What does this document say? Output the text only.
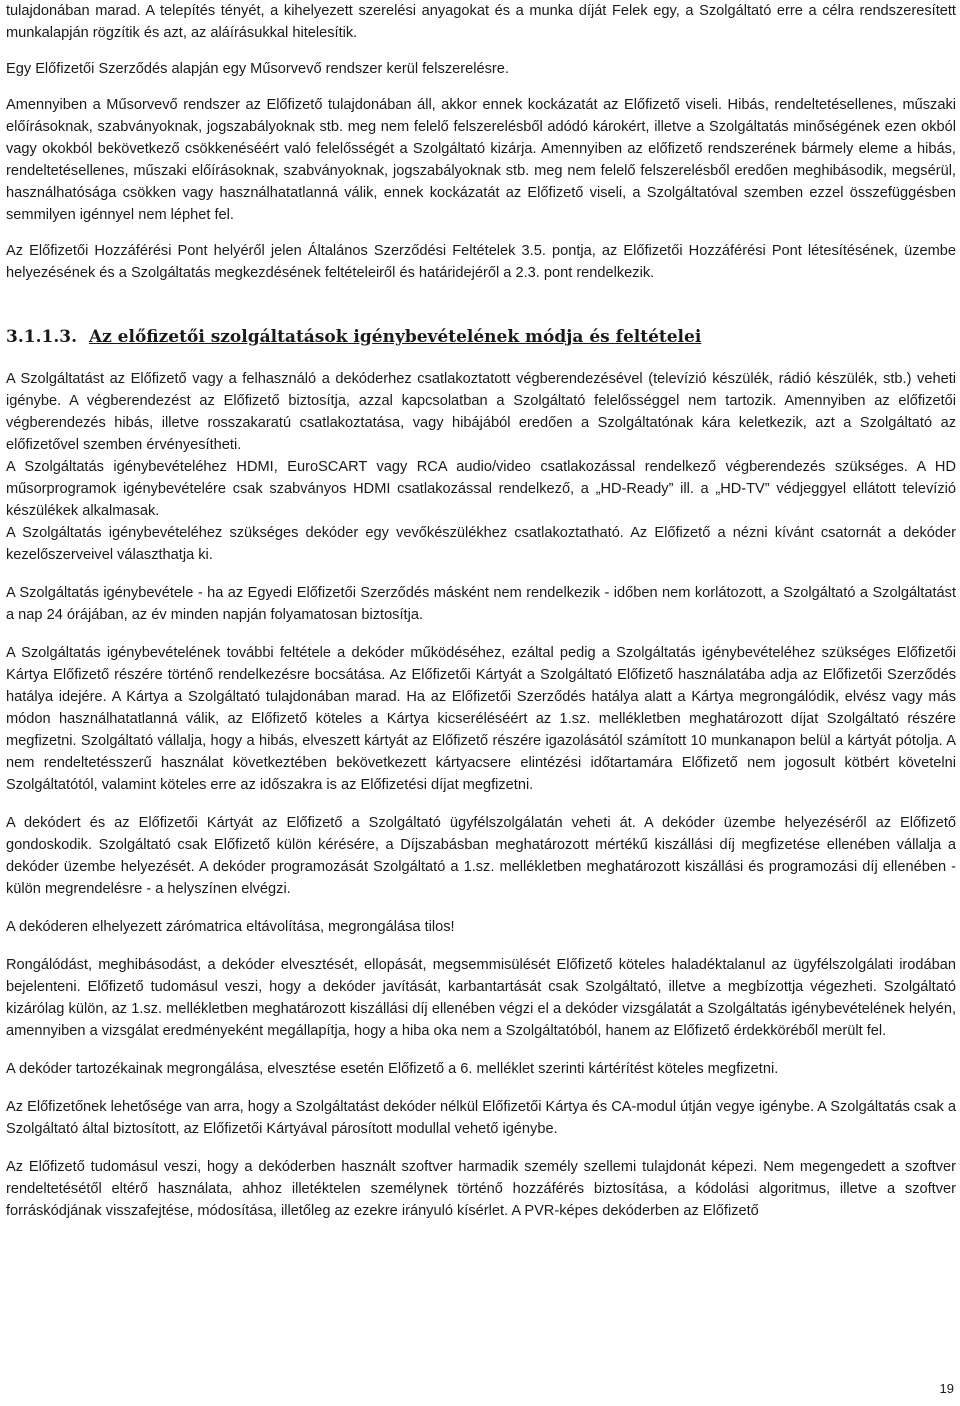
tulajdonában marad. A telepítés tényét, a kihelyezett szerelési anyagokat és a munka díját Felek egy, a Szolgáltató erre a célra rendszeresített munkalapján rögzítik és azt, az aláírásukkal hitelesítik.

Egy Előfizetői Szerződés alapján egy Műsorvevő rendszer kerül felszerelésre.

Amennyiben a Műsorvevő rendszer az Előfizető tulajdonában áll, akkor ennek kockázatát az Előfizető viseli. Hibás, rendeltetésellenes, műszaki előírásoknak, szabványoknak, jogszabályoknak stb. meg nem felelő felszerelésből adódó károkért, illetve a Szolgáltatás minőségének ezen okból vagy okokból bekövetkező csökkenéséért való felelősségét a Szolgáltató kizárja. Amennyiben az előfizető rendszerének bármely eleme a hibás, rendeltetésellenes, műszaki előírásoknak, szabványoknak, jogszabályoknak stb. meg nem felelő felszerelésből eredően meghibásodik, megsérül, használhatósága csökken vagy használhatatlanná válik, ennek kockázatát az Előfizető viseli, a Szolgáltatóval szemben ezzel összefüggésben semmilyen igénnyel nem léphet fel.

Az Előfizetői Hozzáférési Pont helyéről jelen Általános Szerződési Feltételek 3.5. pontja, az Előfizetői Hozzáférési Pont létesítésének, üzembe helyezésének és a Szolgáltatás megkezdésének feltételeiről és határidejéről a 2.3. pont rendelkezik.

3.1.1.3. Az előfizetői szolgáltatások igénybevételének módja és feltételei

A Szolgáltatást az Előfizető vagy a felhasználó a dekóderhez csatlakoztatott végberendezésével (televízió készülék, rádió készülék, stb.) veheti igénybe. A végberendezést az Előfizető biztosítja, azzal kapcsolatban a Szolgáltató felelősséggel nem tartozik. Amennyiben az előfizetői végberendezés hibás, illetve rosszakaratú csatlakoztatása, vagy hibájából eredően a Szolgáltatónak kára keletkezik, azt a Szolgáltató az előfizetővel szemben érvényesítheti.

A Szolgáltatás igénybevételéhez HDMI, EuroSCART vagy RCA audio/video csatlakozással rendelkező végberendezés szükséges. A HD műsorprogramok igénybevételére csak szabványos HDMI csatlakozással rendelkező, a „HD-Ready” ill. a „HD-TV” védjeggyel ellátott televízió készülékek alkalmasak.

A Szolgáltatás igénybevételéhez szükséges dekóder egy vevőkészülékhez csatlakoztatható. Az Előfizető a nézni kívánt csatornát a dekóder kezelőszerveivel választhatja ki.

A Szolgáltatás igénybevétele - ha az Egyedi Előfizetői Szerződés másként nem rendelkezik - időben nem korlátozott, a Szolgáltató a Szolgáltatást a nap 24 órájában, az év minden napján folyamatosan biztosítja.

A Szolgáltatás igénybevételének további feltétele a dekóder működéséhez, ezáltal pedig a Szolgáltatás igénybevételéhez szükséges Előfizetői Kártya Előfizető részére történő rendelkezésre bocsátása. Az Előfizetői Kártyát a Szolgáltató Előfizető használatába adja az Előfizetői Szerződés hatálya idejére. A Kártya a Szolgáltató tulajdonában marad. Ha az Előfizetői Szerződés hatálya alatt a Kártya megrongálódik, elvész vagy más módon használhatatlanná válik, az Előfizető köteles a Kártya kicseréléséért az 1.sz. mellékletben meghatározott díjat Szolgáltató részére megfizetni. Szolgáltató vállalja, hogy a hibás, elveszett kártyát az Előfizető részére igazolásától számított 10 munkanapon belül a kártyát pótolja. A nem rendeltetésszerű használat következtében bekövetkezett kártyacsere elintézési időtartamára Előfizető nem jogosult kötbért követelni Szolgáltatótól, valamint köteles erre az időszakra is az Előfizetési díjat megfizetni.

A dekódert és az Előfizetői Kártyát az Előfizető a Szolgáltató ügyfélszolgálatán veheti át. A dekóder üzembe helyezéséről az Előfizető gondoskodik. Szolgáltató csak Előfizető külön kérésére, a Díjszabásban meghatározott mértékű kiszállási díj megfizetése ellenében vállalja a dekóder üzembe helyezését. A dekóder programozását Szolgáltató a 1.sz. mellékletben meghatározott kiszállási és programozási díj ellenében - külön megrendelésre - a helyszínen elvégzi.

A dekóderen elhelyezett zárómatrica eltávolítása, megrongálása tilos!

Rongálódást, meghibásodást, a dekóder elvesztését, ellopását, megsemmisülését Előfizető köteles haladéktalanul az ügyfélszolgálati irodában bejelenteni. Előfizető tudomásul veszi, hogy a dekóder javítását, karbantartását csak Szolgáltató, illetve a megbízottja végezheti. Szolgáltató kizárólag külön, az 1.sz. mellékletben meghatározott kiszállási díj ellenében végzi el a dekóder vizsgálatát a Szolgáltatás igénybevételének helyén, amennyiben a vizsgálat eredményeként megállapítja, hogy a hiba oka nem a Szolgáltatóból, hanem az Előfizető érdekköréből merült fel.

A dekóder tartozékainak megrongálása, elvesztése esetén Előfizető a 6. melléklet szerinti kártérítést köteles megfizetni.

Az Előfizetőnek lehetősége van arra, hogy a Szolgáltatást dekóder nélkül Előfizetői Kártya és CA-modul útján vegye igénybe. A Szolgáltatás csak a Szolgáltató által biztosított, az Előfizetői Kártyával párosított modullal vehető igénybe.

Az Előfizető tudomásul veszi, hogy a dekóderben használt szoftver harmadik személy szellemi tulajdonát képezi. Nem megengedett a szoftver rendeltetésétől eltérő használata, ahhoz illetéktelen személynek történő hozzáférés biztosítása, a kódolási algoritmus, illetve a szoftver forráskódjának visszafejtése, módosítása, illetőleg az ezekre irányuló kísérlet. A PVR-képes dekóderben az Előfizető

19
